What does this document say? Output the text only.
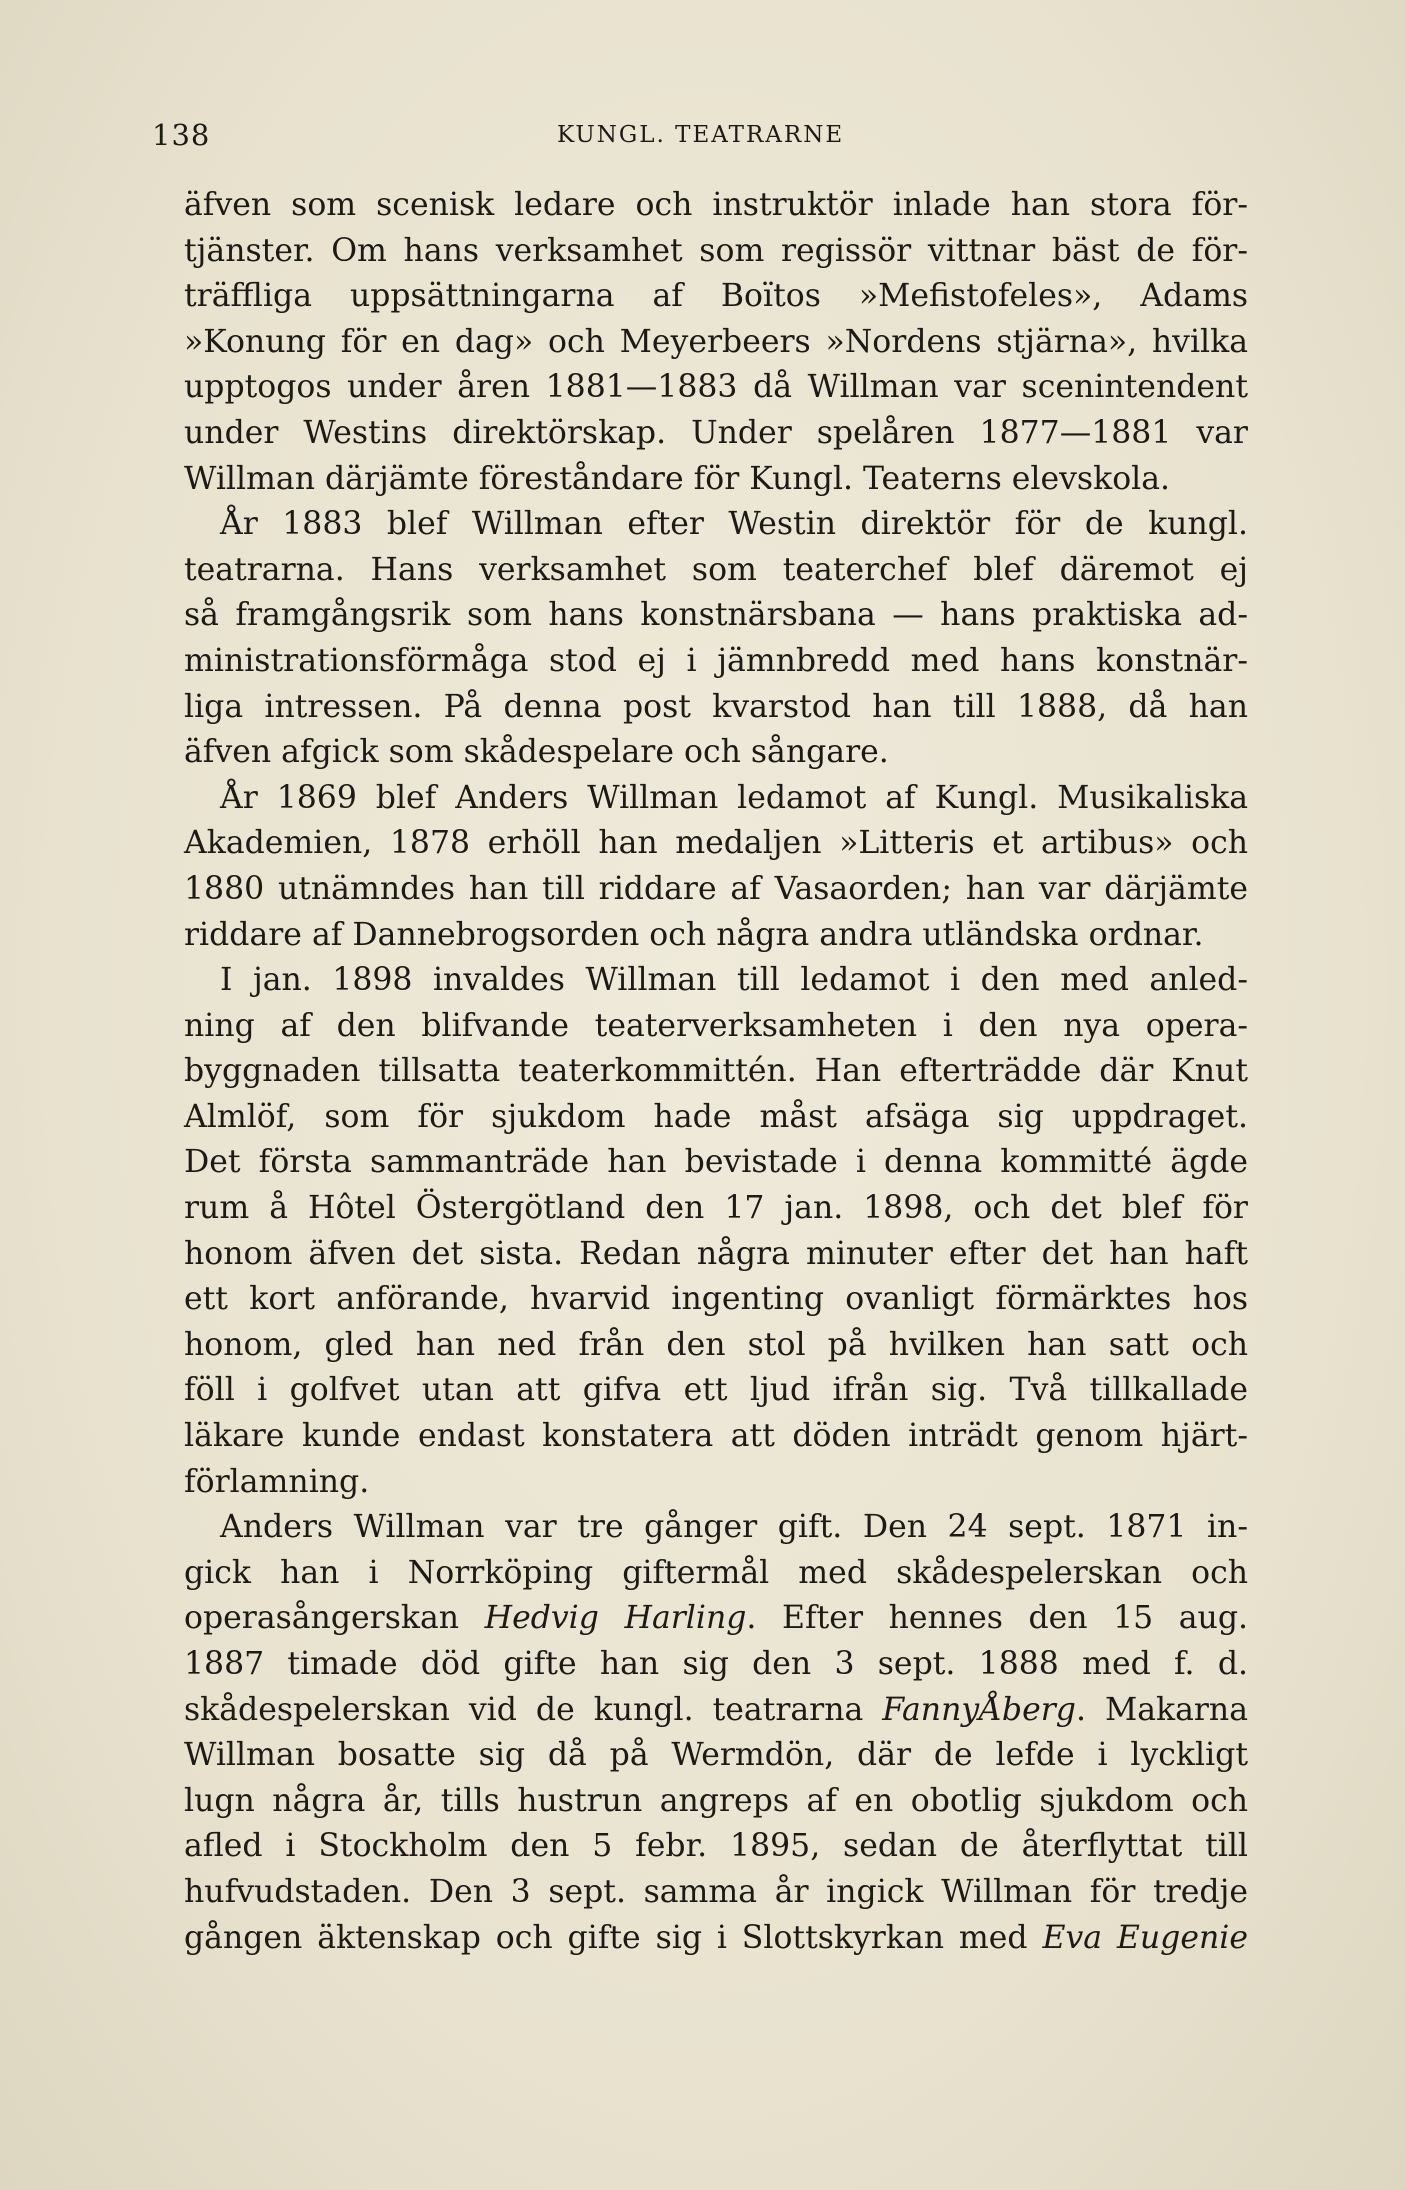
138	KUNGL. TEATRARNE
äfven som scenisk ledare och instruktör inlade han stora för-
tjänster. Om hans verksamhet som regissör vittnar bäst de för-
träffliga uppsättningarna af Boïtos »Mefistofeles», Adams
»Konung för en dag» och Meyerbeers »Nordens stjärna», hvilka
upptogos under åren 1881—1883 då Willman var scenintendent
under Westins direktörskap. Under spelåren 1877—1881 var
Willman därjämte föreståndare för Kungl. Teaterns elevskola.
År 1883 blef Willman efter Westin direktör för de kungl.
teatrarna. Hans verksamhet som teaterchef blef däremot ej
så framgångsrik som hans konstnärsbana — hans praktiska ad-
ministrationsförmåga stod ej i jämnbredd med hans konstnär-
liga intressen. På denna post kvarstod han till 1888, då han
äfven afgick som skådespelare och sångare.
År 1869 blef Anders Willman ledamot af Kungl. Musikaliska
Akademien, 1878 erhöll han medaljen »Litteris et artibus» och
1880 utnämndes han till riddare af Vasaorden; han var därjämte
riddare af Dannebrogsorden och några andra utländska ordnar.
I jan. 1898 invaldes Willman till ledamot i den med anled-
ning af den blifvande teaterverksamheten i den nya opera-
byggnaden tillsatta teaterkommittén. Han efterträdde där Knut
Almlöf, som för sjukdom hade måst afsäga sig uppdraget.
Det första sammanträde han bevistade i denna kommitté ägde
rum å Hôtel Östergötland den 17 jan. 1898, och det blef för
honom äfven det sista. Redan några minuter efter det han haft
ett kort anförande, hvarvid ingenting ovanligt förmärktes hos
honom, gled han ned från den stol på hvilken han satt och
föll i golfvet utan att gifva ett ljud ifrån sig. Två tillkallade
läkare kunde endast konstatera att döden inträdt genom hjärt-
förlamning.
Anders Willman var tre gånger gift. Den 24 sept. 1871 in-
gick han i Norrköping giftermål med skådespelerskan och
operasångerskan Hedvig Harling. Efter hennes den 15 aug.
1887 timade död gifte han sig den 3 sept. 1888 med f. d.
skådespelerskan vid de kungl. teatrarna FannyÅberg. Makarna
Willman bosatte sig då på Wermdön, där de lefde i lyckligt
lugn några år, tills hustrun angreps af en obotlig sjukdom och
afled i Stockholm den 5 febr. 1895, sedan de återflyttat till
hufvudstaden. Den 3 sept. samma år ingick Willman för tredje
gången äktenskap och gifte sig i Slottskyrkan med Eva Eugenie
